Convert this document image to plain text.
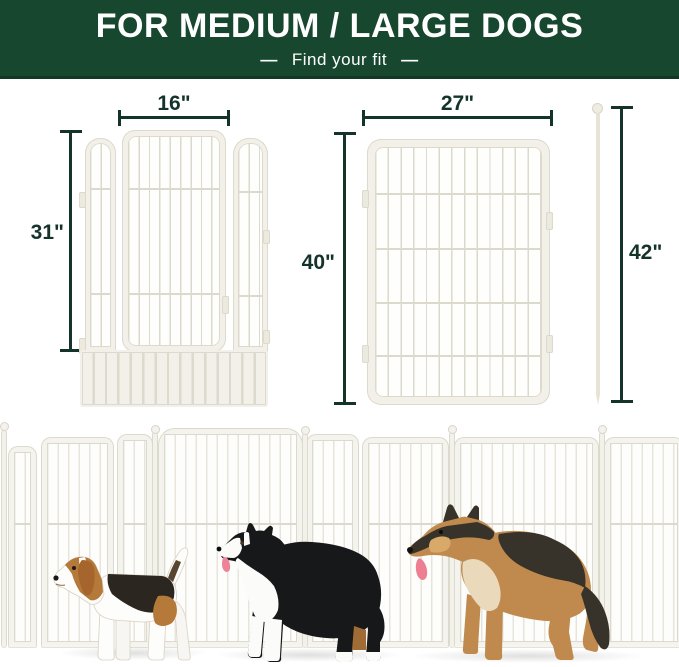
FOR MEDIUM / LARGE DOGS
— Find your fit —
16"
31"
27"
40"	42"
